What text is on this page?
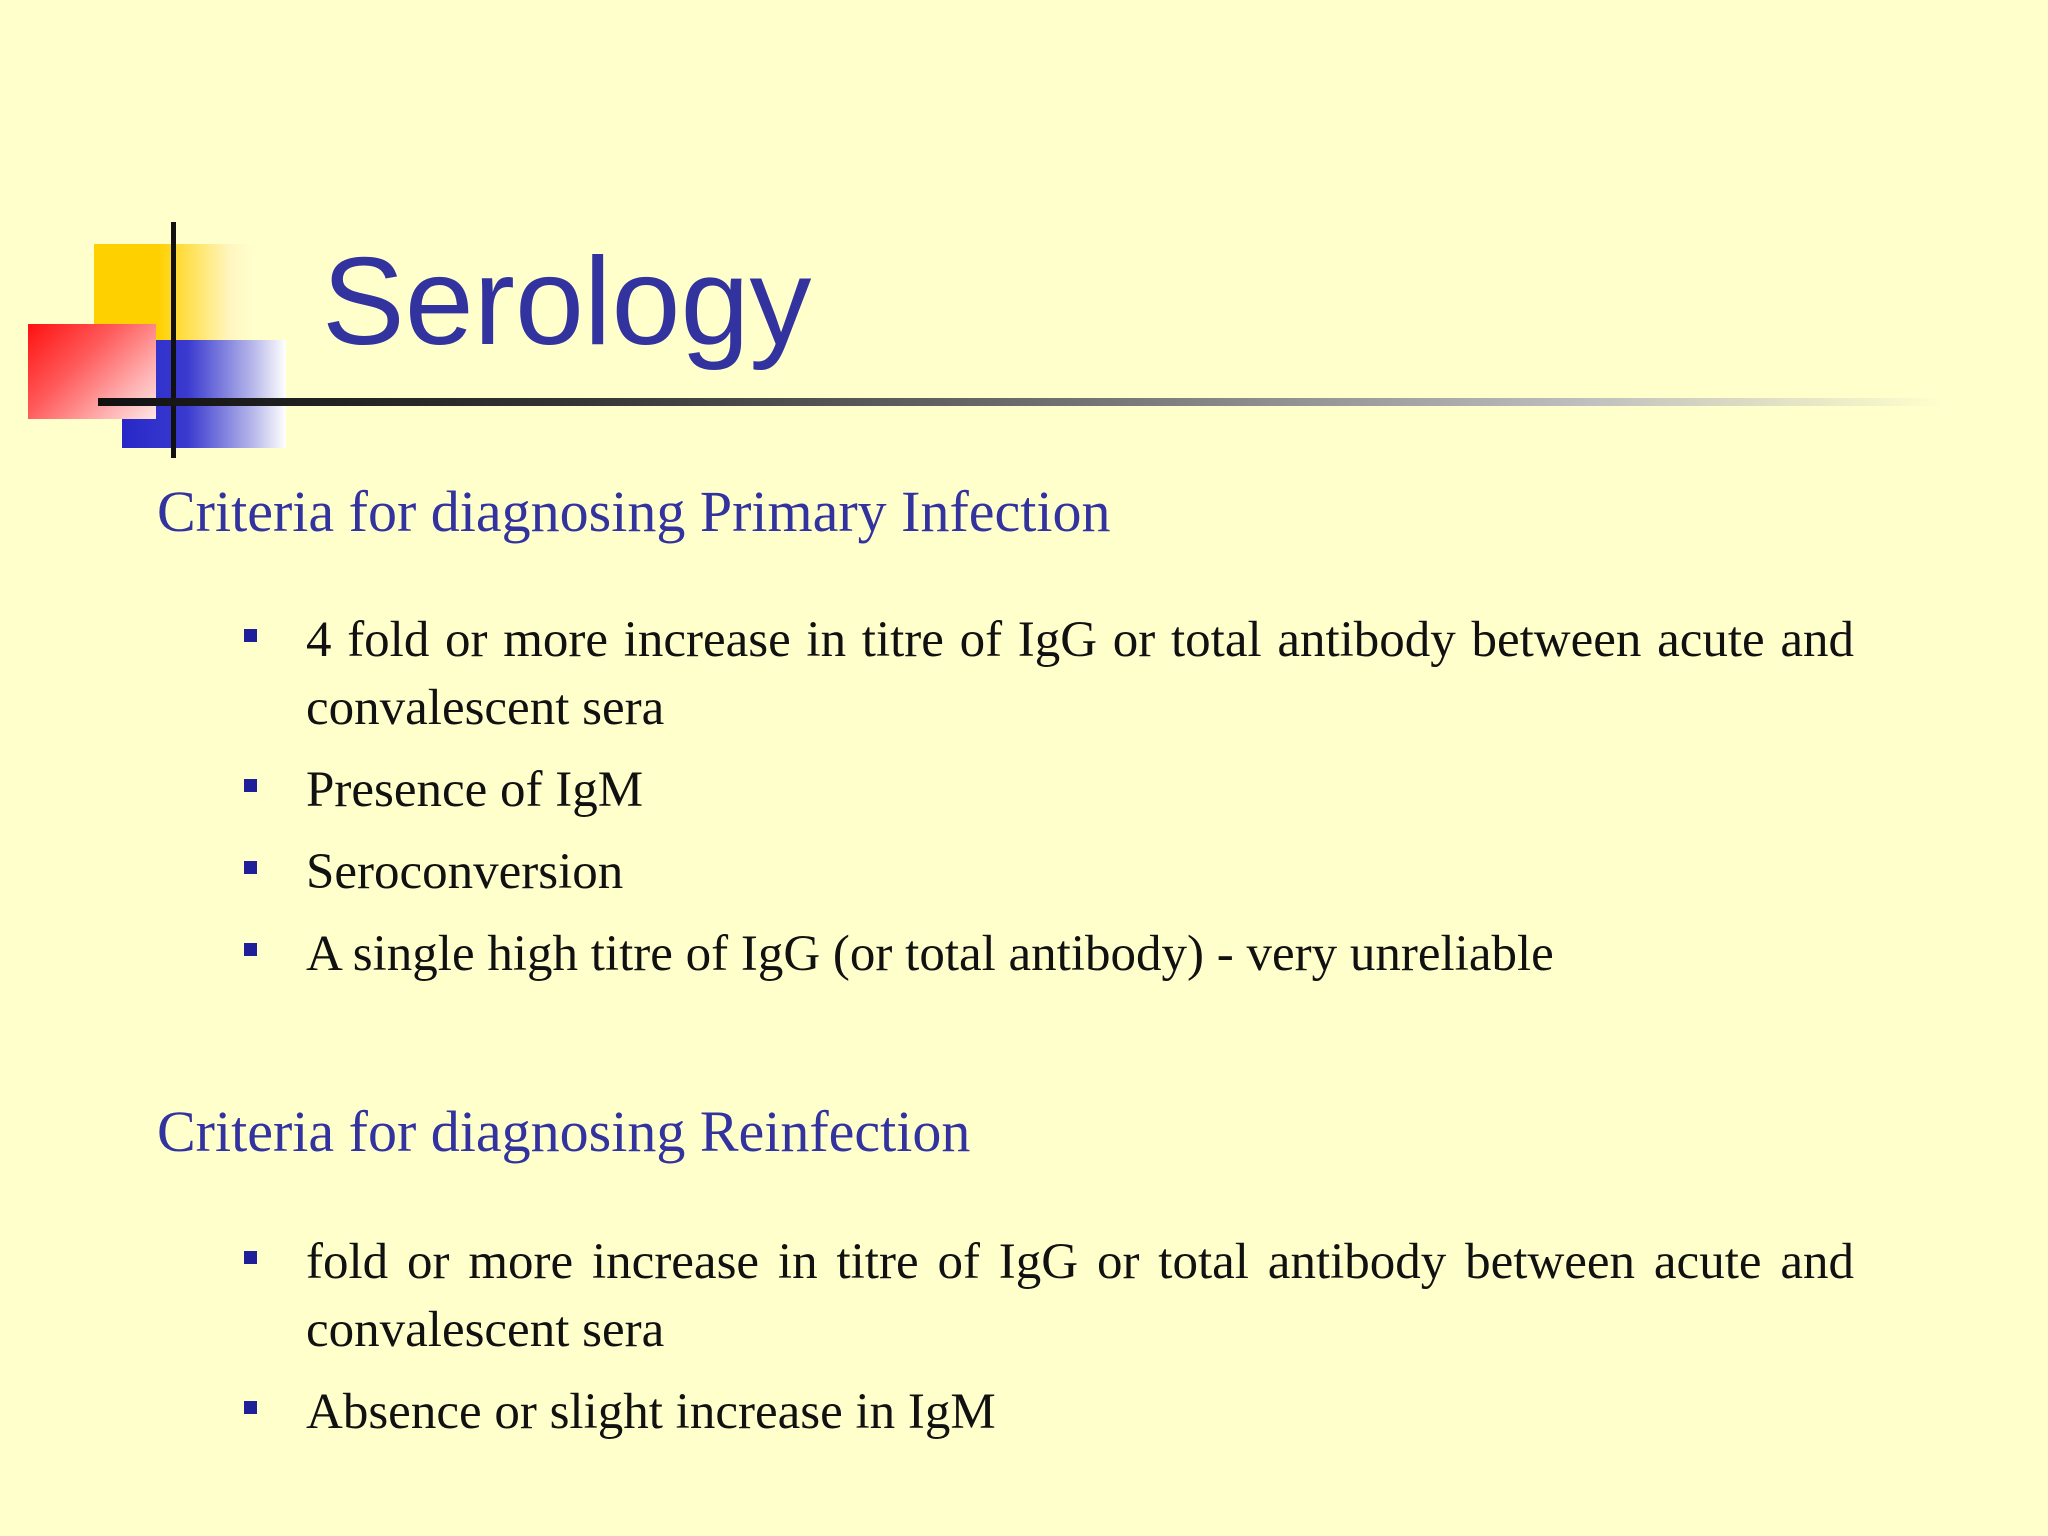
Serology
Criteria for diagnosing Primary Infection
4 fold or more increase in titre of IgG or total antibody between acute and convalescent sera
Presence of IgM
Seroconversion
A single high titre of IgG (or total antibody) - very unreliable
Criteria for diagnosing Reinfection
fold or more increase in titre of IgG or total antibody between acute and convalescent sera
Absence or slight increase in IgM
